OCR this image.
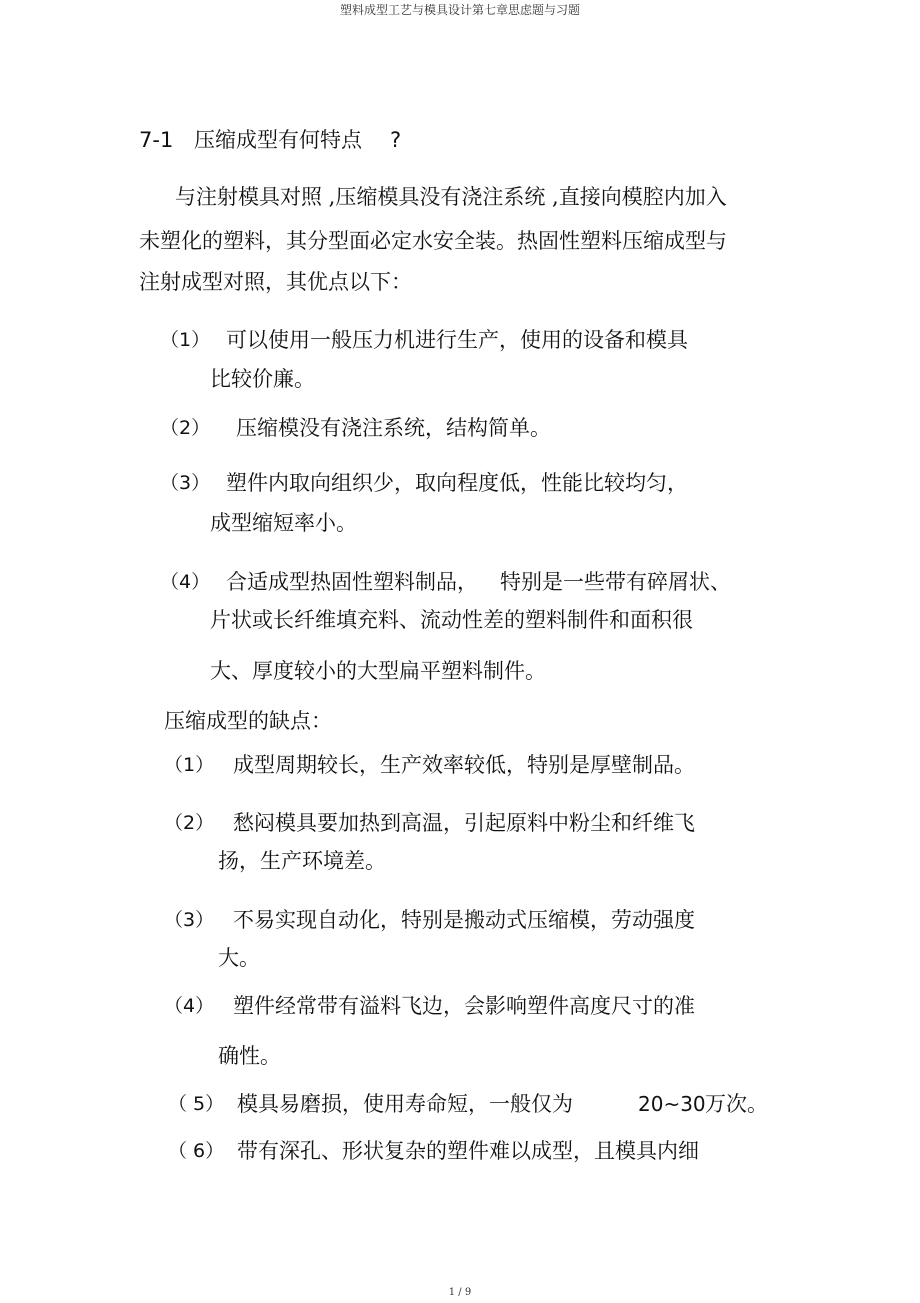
塑料成型工艺与模具设计第七章思虑题与习题
7-1 压缩成型有何特点 ?
与注射模具对照 ,压缩模具没有浇注系统 ,直接向模腔内加入
未塑化的塑料，其分型面必定水安全装。热固性塑料压缩成型与
注射成型对照，其优点以下：
（1） 可以使用一般压力机进行生产，使用的设备和模具
比较价廉。
（2） 压缩模没有浇注系统，结构简单。
（3） 塑件内取向组织少，取向程度低，性能比较均匀，
成型缩短率小。
（4） 合适成型热固性塑料制品， 特别是一些带有碎屑状、
片状或长纤维填充料、流动性差的塑料制件和面积很
大、厚度较小的大型扁平塑料制件。
压缩成型的缺点：
（1） 成型周期较长，生产效率较低，特别是厚壁制品。
（2） 愁闷模具要加热到高温，引起原料中粉尘和纤维飞
扬，生产环境差。
（3） 不易实现自动化，特别是搬动式压缩模，劳动强度
大。
（4） 塑件经常带有溢料飞边，会影响塑件高度尺寸的准
确性。
（ 5） 模具易磨损，使用寿命短，一般仅为	20~30 万次。
（ 6） 带有深孔、形状复杂的塑件难以成型，且模具内细
1 / 9
